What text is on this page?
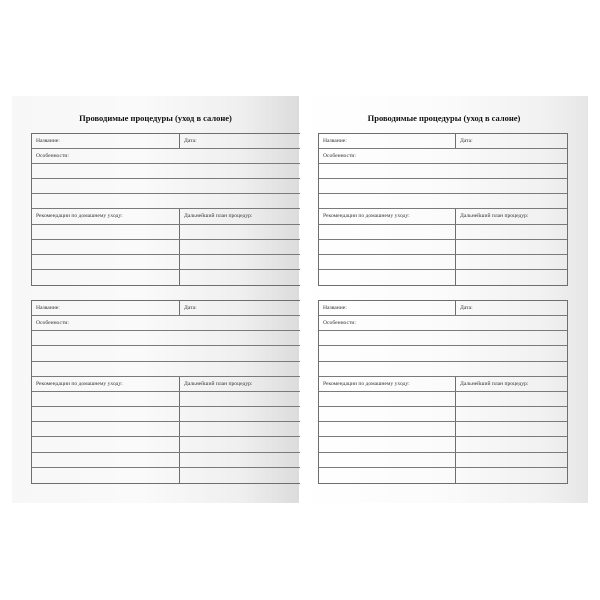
Проводимые процедуры (уход в салоне)
Название:	Дата:
Особенности:
Рекомендации по домашнему уходу:	Дальнейший план процедур:
Название:	Дата:
Особенности:
Рекомендации по домашнему уходу:	Дальнейший план процедур:
Проводимые процедуры (уход в салоне)
Название:	Дата:
Особенности:
Рекомендации по домашнему уходу:	Дальнейший план процедур:
Название:	Дата:
Особенности:
Рекомендации по домашнему уходу:	Дальнейший план процедур:
